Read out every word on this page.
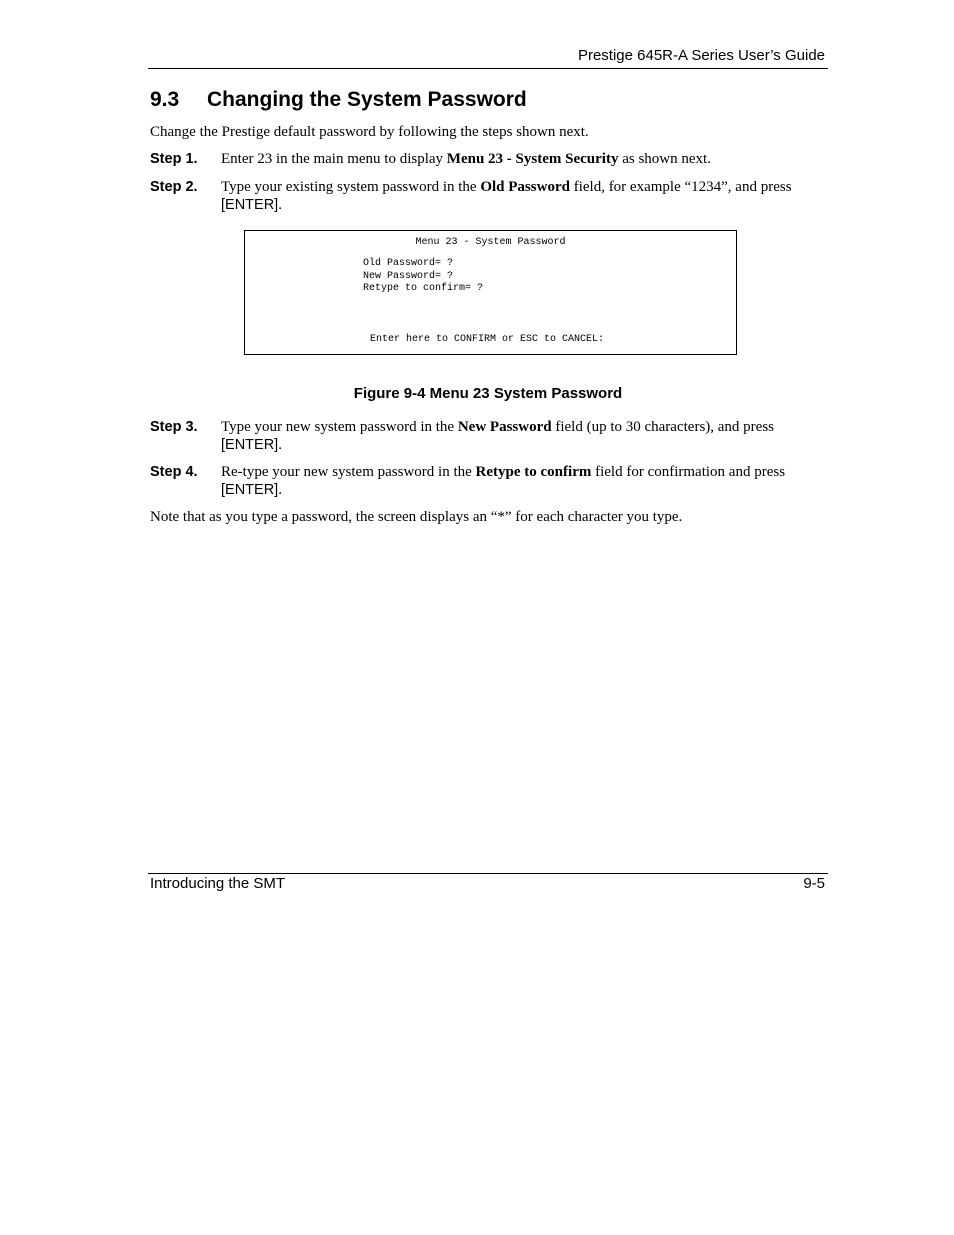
Prestige 645R-A Series User’s Guide
9.3 Changing the System Password
Change the Prestige default password by following the steps shown next.
Step 1. Enter 23 in the main menu to display Menu 23 - System Security as shown next.
Step 2. Type your existing system password in the Old Password field, for example “1234”, and press [ENTER].

Menu 23 - System Password

Old Password= ?

New Password= ?

Retype to confirm= ?

Enter here to CONFIRM or ESC to CANCEL:

Figure 9-4 Menu 23 System Password
Step 3. Type your new system password in the New Password field (up to 30 characters), and press [ENTER].
Step 4. Re-type your new system password in the Retype to confirm field for confirmation and press [ENTER].
Note that as you type a password, the screen displays an “*” for each character you type.
Introducing the SMT	9-5
